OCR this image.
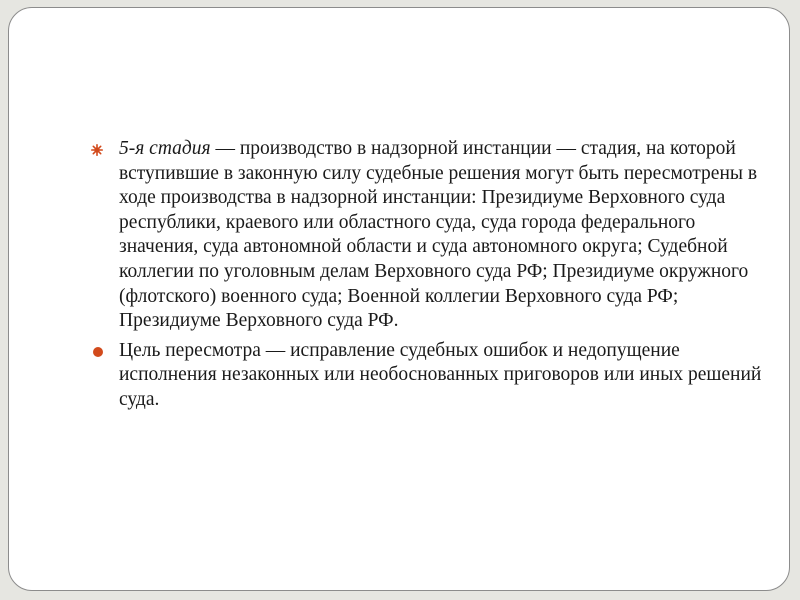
5-я стадия — производство в надзорной инстанции — стадия, на которой вступившие в законную силу судебные решения могут быть пересмотрены в ходе производства в надзорной инстанции: Президиуме Верховного суда республики, краевого или областного суда, суда города федерального значения, суда автономной области и суда автономного округа; Судебной коллегии по уголовным делам Верховного суда РФ; Президиуме окружного (флотского) военного суда; Военной коллегии Верховного суда РФ; Президиуме Верховного суда РФ.
Цель пересмотра — исправление судебных ошибок и недопущение исполнения незаконных или необоснованных приговоров или иных решений суда.
